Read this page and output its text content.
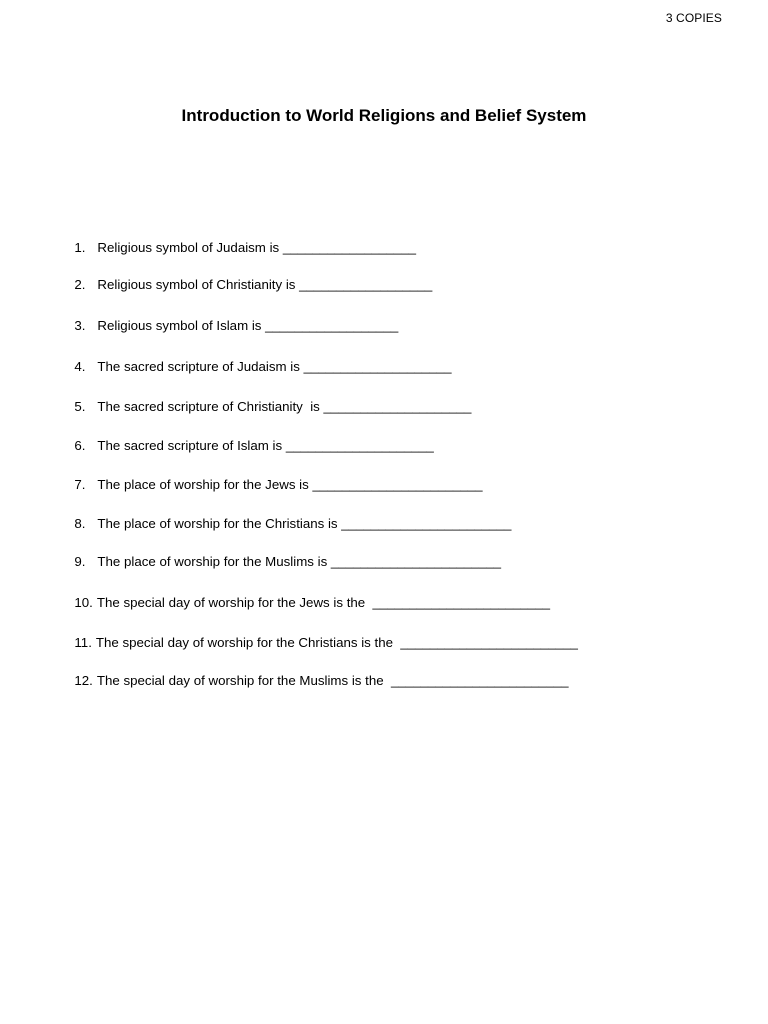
3 COPIES
Introduction to World Religions and Belief System

1. Religious symbol of Judaism is __________________

2. Religious symbol of Christianity is __________________

3. Religious symbol of Islam is __________________

4. The sacred scripture of Judaism is ____________________

5. The sacred scripture of Christianity  is ____________________

6. The sacred scripture of Islam is ____________________

7. The place of worship for the Jews is _______________________

8. The place of worship for the Christians is _______________________

9. The place of worship for the Muslims is _______________________

10. The special day of worship for the Jews is the  ________________________

11. The special day of worship for the Christians is the  ________________________

12. The special day of worship for the Muslims is the  ________________________
